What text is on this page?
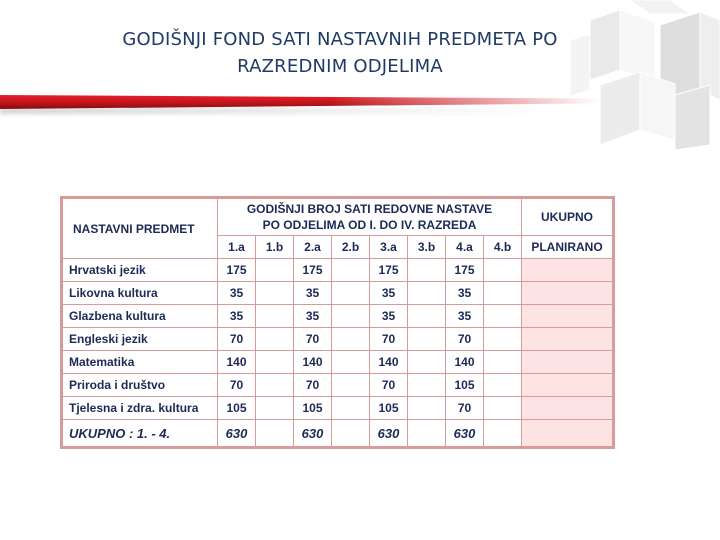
GODIŠNJI FOND SATI NASTAVNIH PREDMETA PO
RAZREDNIM ODJELIMA
NASTAVNI PREDMET	GODIŠNJI BROJ SATI REDOVNE NASTAVE
PO ODJELIMA OD I. DO IV. RAZREDA								UKUPNO
	1.a	1.b	2.a	2.b	3.a	3.b	4.a	4.b	PLANIRANO
Hrvatski jezik	175		175		175		175		
Likovna kultura	35		35		35		35		
Glazbena kultura	35		35		35		35		
Engleski jezik	70		70		70		70		
Matematika	140		140		140		140		
Priroda i društvo	70		70		70		105		
Tjelesna i zdra. kultura	105		105		105		70		
UKUPNO : 1. - 4.	630		630		630		630		
